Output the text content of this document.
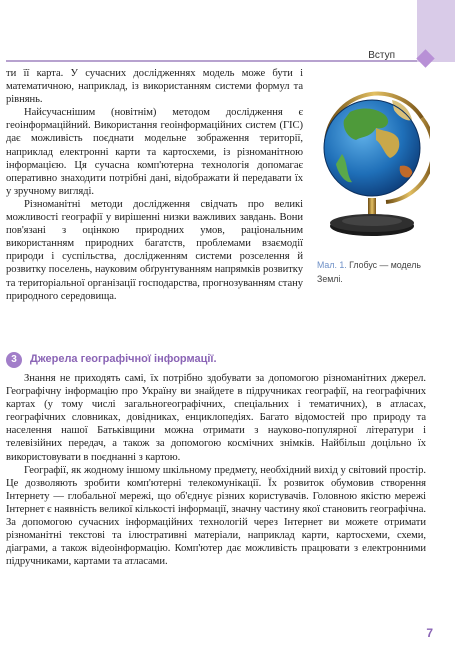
Вступ

ти її карта. У сучасних дослідженнях модель може бути і математичною, наприклад, із використанням системи формул та рівнянь.

Найсучаснішим (новітнім) методом дослідження є геоінформаційний. Використання геоінформаційних систем (ГІС) дає можливість поєднати модельне зображення території, наприклад електронні карти та картосхеми, із різноманітною інформацією. Ця сучасна комп'ютерна технологія допомагає оперативно знаходити потрібні дані, відображати й передавати їх у зручному вигляді.

Різноманітні методи дослідження свідчать про великі можливості географії у вирішенні низки важливих завдань. Вони пов'язані з оцінкою природних умов, раціональним використанням природних багатств, проблемами взаємодії природи і суспільства, дослідженням системи розселення й розвитку поселень, науковим обґрунтуванням напрямків розвитку та територіальної організації господарства, прогнозуванням стану природного середовища.

Мал. 1. Глобус — модель Землі.
3	Джерела географічної інформації.

Знання не приходять самі, їх потрібно здобувати за допомогою різноманітних джерел. Географічну інформацію про Україну ви знайдете в підручниках географії, на географічних картах (у тому числі загальногеографічних, спеціальних і тематичних), в атласах, географічних словниках, довідниках, енциклопедіях. Багато відомостей про природу та населення нашої Батьківщини можна отримати з науково-популярної літератури і телевізійних передач, а також за допомогою космічних знімків. Найбільш доцільно їх використовувати в поєднанні з картою.

Географії, як жодному іншому шкільному предмету, необхідний вихід у світовий простір. Це дозволяють зробити комп'ютерні телекомунікації. Їх розвиток обумовив створення Інтернету — глобальної мережі, що об'єднує різних користувачів. Головною якістю мережі Інтернет є наявність великої кількості інформації, значну частину якої становить географічна. За допомогою сучасних інформаційних технологій через Інтернет ви можете отримати різноманітні текстові та ілюстративні матеріали, наприклад карти, картосхеми, схеми, діаграми, а також відеоінформацію. Комп'ютер дає можливість працювати з електронними підручниками, картами та атласами.

7
